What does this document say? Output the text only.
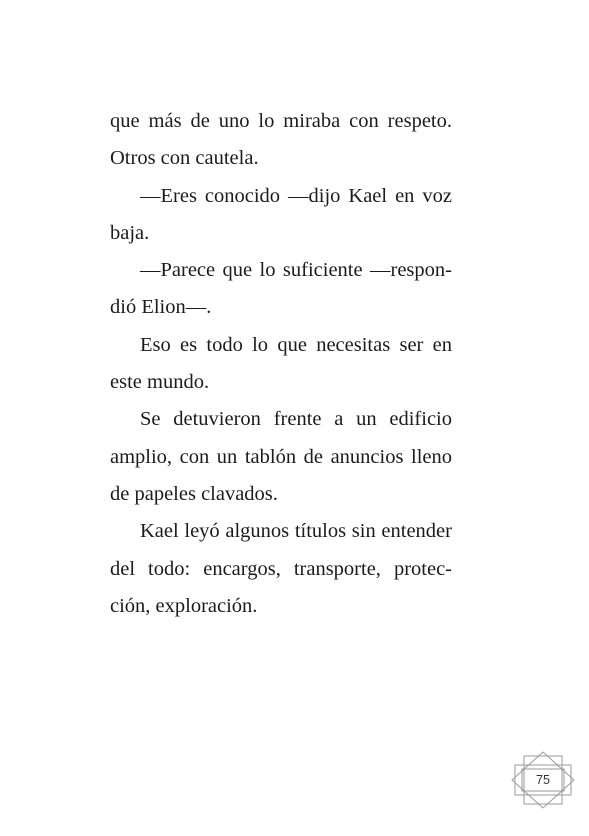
que más de uno lo miraba con respeto.
Otros con cautela.
—Eres conocido —dijo Kael en voz
baja.
—Parece que lo suficiente —respon-
dió Elion—.
Eso es todo lo que necesitas ser en
este mundo.
Se detuvieron frente a un edificio
amplio, con un tablón de anuncios lleno
de papeles clavados.
Kael leyó algunos títulos sin entender
del todo: encargos, transporte, protec-
ción, exploración.
75
